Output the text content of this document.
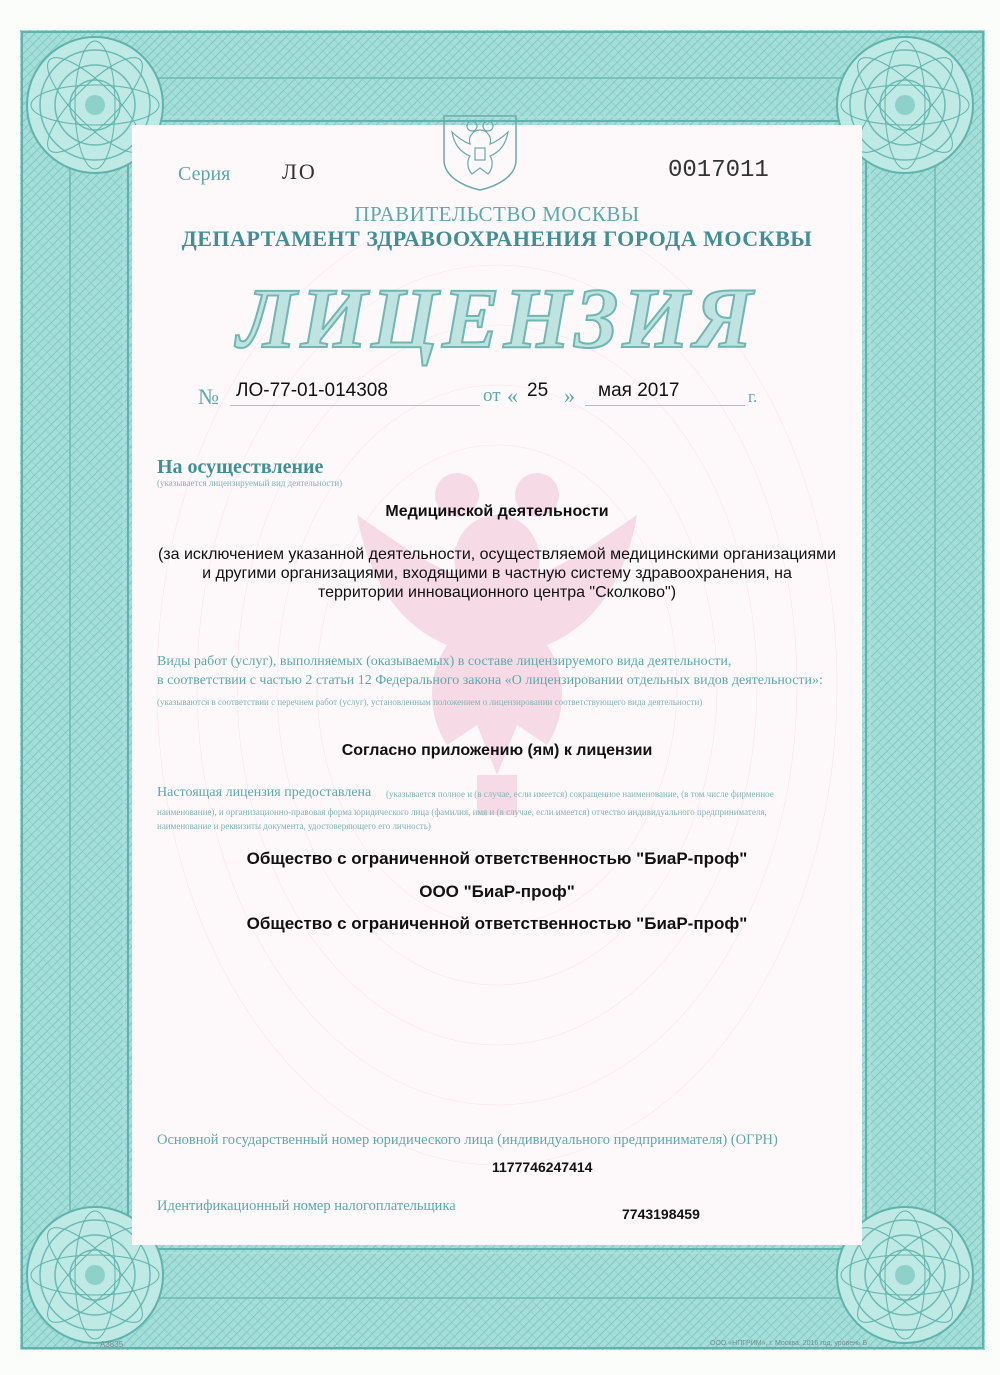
Серия ЛО	0017011
ПРАВИТЕЛЬСТВО МОСКВЫ
ДЕПАРТАМЕНТ ЗДРАВООХРАНЕНИЯ ГОРОДА МОСКВЫ
ЛИЦЕНЗИЯ
№ ЛО-77-01-014308	от « 25 » мая 2017	г.
На осуществление
(указывается лицензируемый вид деятельности)
Медицинской деятельности
(за исключением указанной деятельности, осуществляемой медицинскими организациями
и другими организациями, входящими в частную систему здравоохранения, на
территории инновационного центра "Сколково")
Виды работ (услуг), выполняемых (оказываемых) в составе лицензируемого вида деятельности,
в соответствии с частью 2 статьи 12 Федерального закона «О лицензировании отдельных видов деятельности»:
(указываются в соответствии с перечнем работ (услуг), установленным положением о лицензировании соответствующего вида деятельности)
Согласно приложению (ям) к лицензии
Настоящая лицензия предоставлена (указывается полное и (в случае, если имеется) сокращенное наименование, (в том числе фирменное
наименование), и организационно-правовая форма юридического лица (фамилия, имя и (в случае, если имеется) отчество индивидуального предпринимателя,
наименование и реквизиты документа, удостоверяющего его личность)
Общество с ограниченной ответственностью "БиаР-проф"
ООО "БиаР-проф"
Общество с ограниченной ответственностью "БиаР-проф"
Основной государственный номер юридического лица (индивидуального предпринимателя) (ОГРН)
1177746247414
Идентификационный номер налогоплательщика	7743198459
А3835	ООО «НПГРИМ», г. Москва, 2016 год, уровень Б
